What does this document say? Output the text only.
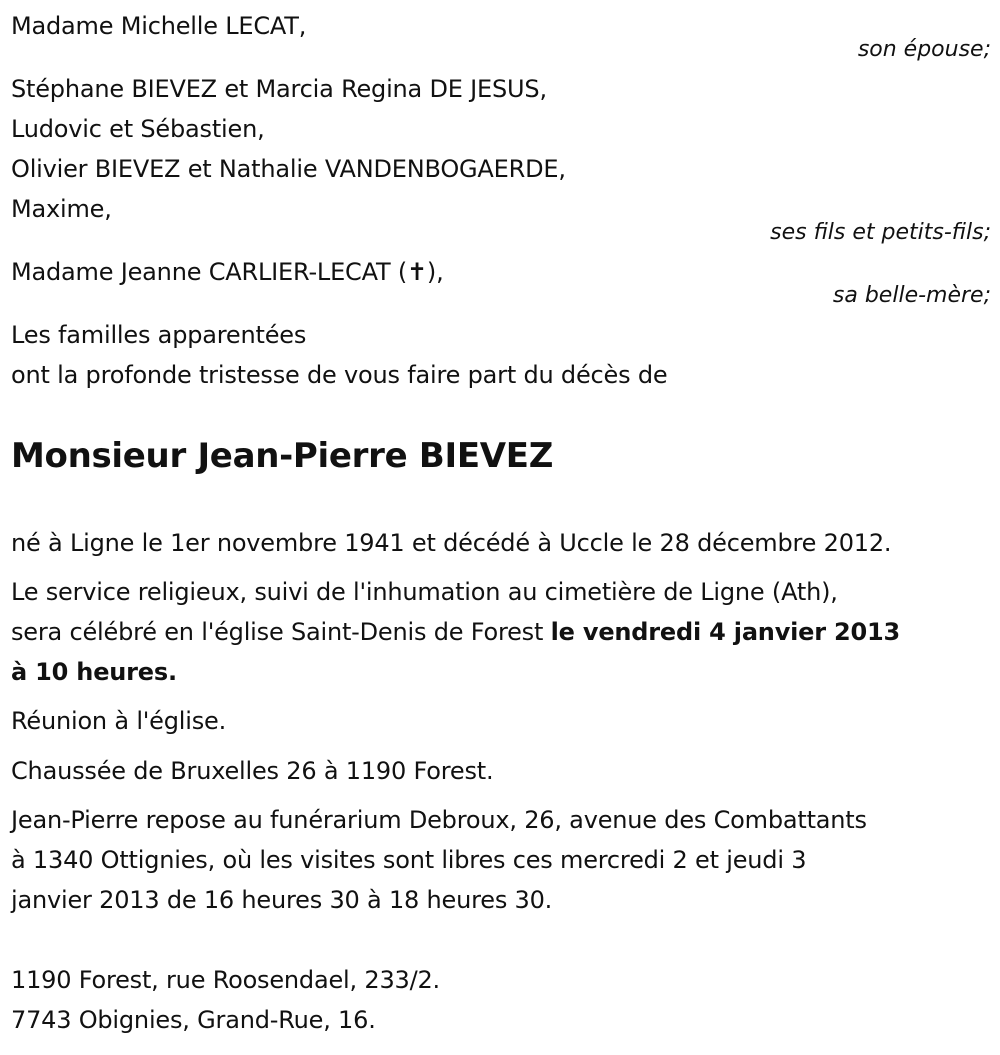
Madame Michelle LECAT,
son épouse;
Stéphane BIEVEZ et Marcia Regina DE JESUS,
Ludovic et Sébastien,
Olivier BIEVEZ et Nathalie VANDENBOGAERDE,
Maxime,
ses fils et petits-fils;
Madame Jeanne CARLIER-LECAT (✝),
sa belle-mère;
Les familles apparentées
ont la profonde tristesse de vous faire part du décès de
Monsieur Jean-Pierre BIEVEZ
né à Ligne le 1er novembre 1941 et décédé à Uccle le 28 décembre 2012.
Le service religieux, suivi de l'inhumation au cimetière de Ligne (Ath),
sera célébré en l'église Saint-Denis de Forest le vendredi 4 janvier 2013
à 10 heures.
Réunion à l'église.
Chaussée de Bruxelles 26 à 1190 Forest.
Jean-Pierre repose au funérarium Debroux, 26, avenue des Combattants
à 1340 Ottignies, où les visites sont libres ces mercredi 2 et jeudi 3
janvier 2013 de 16 heures 30 à 18 heures 30.
1190 Forest, rue Roosendael, 233/2.
7743 Obignies, Grand-Rue, 16.
